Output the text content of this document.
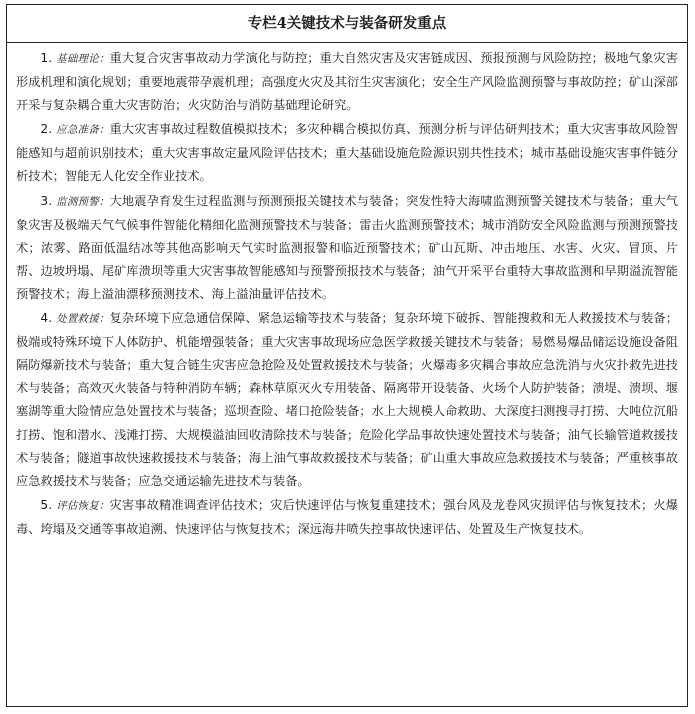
专栏4关键技术与装备研发重点

1. 基础理论：重大复合灾害事故动力学演化与防控；重大自然灾害及灾害链成因、预报预测与风险防控；极地气象灾害形成机理和演化规划；重要地震带孕震机理；高强度火灾及其衍生灾害演化；安全生产风险监测预警与事故防控；矿山深部开采与复杂耦合重大灾害防治；火灾防治与消防基础理论研究。

2. 应急准备：重大灾害事故过程数值模拟技术；多灾种耦合模拟仿真、预测分析与评估研判技术；重大灾害事故风险智能感知与超前识别技术；重大灾害事故定量风险评估技术；重大基础设施危险源识别共性技术；城市基础设施灾害事件链分析技术；智能无人化安全作业技术。

3. 监测预警：大地震孕育发生过程监测与预测预报关键技术与装备；突发性特大海啸监测预警关键技术与装备；重大气象灾害及极端天气气候事件智能化精细化监测预警技术与装备；雷击火监测预警技术；城市消防安全风险监测与预测预警技术；浓雾、路面低温结冰等其他高影响天气实时监测报警和临近预警技术；矿山瓦斯、冲击地压、水害、火灾、冒顶、片帮、边坡坍塌、尾矿库溃坝等重大灾害事故智能感知与预警预报技术与装备；油气开采平台重特大事故监测和早期溢流智能预警技术；海上溢油漂移预测技术、海上溢油量评估技术。

4. 处置救援：复杂环境下应急通信保障、紧急运输等技术与装备；复杂环境下破拆、智能搜救和无人救援技术与装备；极端或特殊环境下人体防护、机能增强装备；重大灾害事故现场应急医学救援关键技术与装备；易燃易爆品储运设施设备阻隔防爆新技术与装备；重大复合链生灾害应急抢险及处置救援技术与装备；火爆毒多灾耦合事故应急洗消与火灾扑救先进技术与装备；高效灭火装备与特种消防车辆；森林草原灭火专用装备、隔离带开设装备、火场个人防护装备；溃堤、溃坝、堰塞湖等重大险情应急处置技术与装备；巡坝查险、堵口抢险装备；水上大规模人命救助、大深度扫测搜寻打捞、大吨位沉船打捞、饱和潜水、浅滩打捞、大规模溢油回收清除技术与装备；危险化学品事故快速处置技术与装备；油气长输管道救援技术与装备；隧道事故快速救援技术与装备；海上油气事故救援技术与装备；矿山重大事故应急救援技术与装备；严重核事故应急救援技术与装备；应急交通运输先进技术与装备。

5. 评估恢复：灾害事故精准调查评估技术；灾后快速评估与恢复重建技术；强台风及龙卷风灾损评估与恢复技术；火爆毒、垮塌及交通等事故追溯、快速评估与恢复技术；深远海井喷失控事故快速评估、处置及生产恢复技术。
